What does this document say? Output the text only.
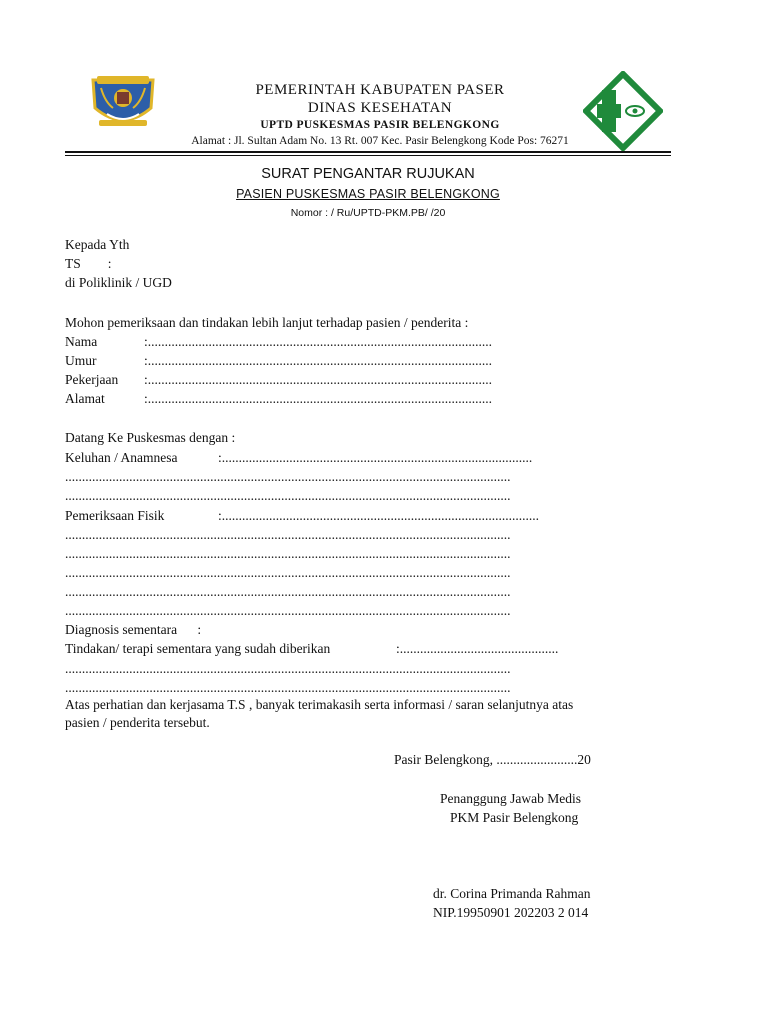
PEMERINTAH KABUPATEN PASER
DINAS KESEHATAN
UPTD PUSKESMAS PASIR BELENGKONG
Alamat : Jl. Sultan Adam No. 13 Rt. 007 Kec. Pasir Belengkong Kode Pos: 76271
SURAT PENGANTAR RUJUKAN
PASIEN PUSKESMAS PASIR BELENGKONG
Nomor : / Ru/UPTD-PKM.PB/ /20
Kepada Yth
TS        :
di Poliklinik / UGD
Mohon pemeriksaan dan tindakan lebih lanjut terhadap pasien / penderita :
Nama	:......................................................................................................
Umur	:......................................................................................................
Pekerjaan :......................................................................................................
Alamat	:......................................................................................................
Datang Ke Puskesmas dengan :
Keluhan / Anamnesa	:............................................................................................
....................................................................................................................................
....................................................................................................................................
Pemeriksaan Fisik	:..............................................................................................
....................................................................................................................................
....................................................................................................................................
....................................................................................................................................
....................................................................................................................................
....................................................................................................................................
Diagnosis sementara      :
Tindakan/ terapi sementara yang sudah diberikan	:...............................................
....................................................................................................................................
....................................................................................................................................
Atas perhatian dan kerjasama T.S , banyak terimakasih serta informasi / saran selanjutnya atas
pasien / penderita tersebut.
Pasir Belengkong, ........................20
Penanggung Jawab Medis
PKM Pasir Belengkong
dr. Corina Primanda Rahman
NIP.19950901 202203 2 014
